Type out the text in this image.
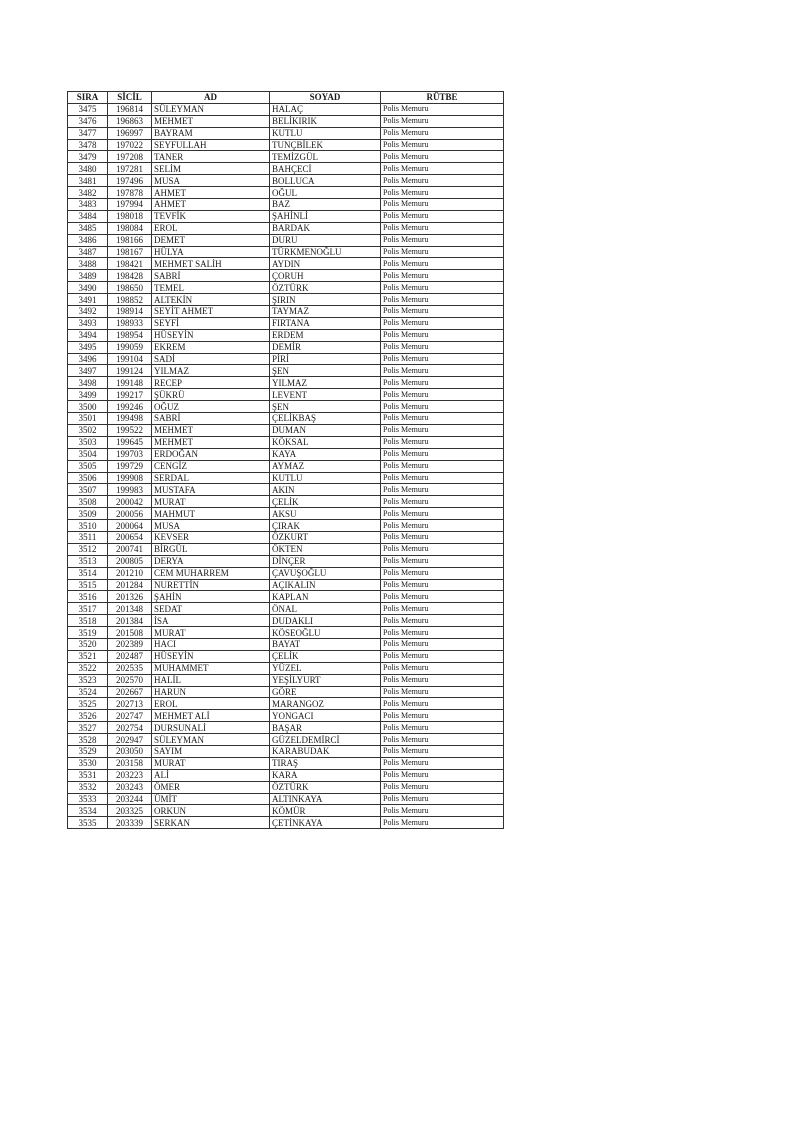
SIRA	SİCİL	AD	SOYAD	RÜTBE
3475	196814	SÜLEYMAN	HALAÇ	Polis Memuru
3476	196863	MEHMET	BELİKIRIK	Polis Memuru
3477	196997	BAYRAM	KUTLU	Polis Memuru
3478	197022	SEYFULLAH	TUNÇBİLEK	Polis Memuru
3479	197208	TANER	TEMİZGÜL	Polis Memuru
3480	197281	SELİM	BAHÇECİ	Polis Memuru
3481	197496	MUSA	BOLLUCA	Polis Memuru
3482	197878	AHMET	OĞUL	Polis Memuru
3483	197994	AHMET	BAZ	Polis Memuru
3484	198018	TEVFİK	ŞAHİNLİ	Polis Memuru
3485	198084	EROL	BARDAK	Polis Memuru
3486	198166	DEMET	DURU	Polis Memuru
3487	198167	HÜLYA	TÜRKMENOĞLU	Polis Memuru
3488	198421	MEHMET SALİH	AYDIN	Polis Memuru
3489	198428	SABRİ	ÇORUH	Polis Memuru
3490	198650	TEMEL	ÖZTÜRK	Polis Memuru
3491	198852	ALTEKİN	ŞIRIN	Polis Memuru
3492	198914	SEYİT AHMET	TAYMAZ	Polis Memuru
3493	198933	SEYFİ	FIRTANA	Polis Memuru
3494	198954	HÜSEYİN	ERDEM	Polis Memuru
3495	199059	EKREM	DEMİR	Polis Memuru
3496	199104	SADİ	PİRİ	Polis Memuru
3497	199124	YILMAZ	ŞEN	Polis Memuru
3498	199148	RECEP	YILMAZ	Polis Memuru
3499	199217	ŞÜKRÜ	LEVENT	Polis Memuru
3500	199246	OĞUZ	ŞEN	Polis Memuru
3501	199498	SABRİ	ÇELİKBAŞ	Polis Memuru
3502	199522	MEHMET	DUMAN	Polis Memuru
3503	199645	MEHMET	KÖKSAL	Polis Memuru
3504	199703	ERDOĞAN	KAYA	Polis Memuru
3505	199729	CENGİZ	AYMAZ	Polis Memuru
3506	199908	SERDAL	KUTLU	Polis Memuru
3507	199983	MUSTAFA	AKIN	Polis Memuru
3508	200042	MURAT	ÇELİK	Polis Memuru
3509	200056	MAHMUT	AKSU	Polis Memuru
3510	200064	MUSA	ÇIRAK	Polis Memuru
3511	200654	KEVSER	ÖZKURT	Polis Memuru
3512	200741	BİRGÜL	ÖKTEN	Polis Memuru
3513	200805	DERYA	DİNÇER	Polis Memuru
3514	201210	CEM MUHARREM	ÇAVUŞOĞLU	Polis Memuru
3515	201284	NURETTİN	AÇIKALIN	Polis Memuru
3516	201326	ŞAHİN	KAPLAN	Polis Memuru
3517	201348	SEDAT	ÖNAL	Polis Memuru
3518	201384	İSA	DUDAKLI	Polis Memuru
3519	201508	MURAT	KÖSEOĞLU	Polis Memuru
3520	202389	HACI	BAYAT	Polis Memuru
3521	202487	HÜSEYİN	ÇELİK	Polis Memuru
3522	202535	MUHAMMET	YÜZEL	Polis Memuru
3523	202570	HALİL	YEŞİLYURT	Polis Memuru
3524	202667	HARUN	GÖRE	Polis Memuru
3525	202713	EROL	MARANGOZ	Polis Memuru
3526	202747	MEHMET ALİ	YONGACI	Polis Memuru
3527	202754	DURSUNALİ	BAŞAR	Polis Memuru
3528	202947	SÜLEYMAN	GÜZELDEMİRCİ	Polis Memuru
3529	203050	SAYIM	KARABUDAK	Polis Memuru
3530	203158	MURAT	TIRAŞ	Polis Memuru
3531	203223	ALİ	KARA	Polis Memuru
3532	203243	ÖMER	ÖZTÜRK	Polis Memuru
3533	203244	ÜMİT	ALTINKAYA	Polis Memuru
3534	203325	ORKUN	KÖMÜR	Polis Memuru
3535	203339	SERKAN	ÇETİNKAYA	Polis Memuru
